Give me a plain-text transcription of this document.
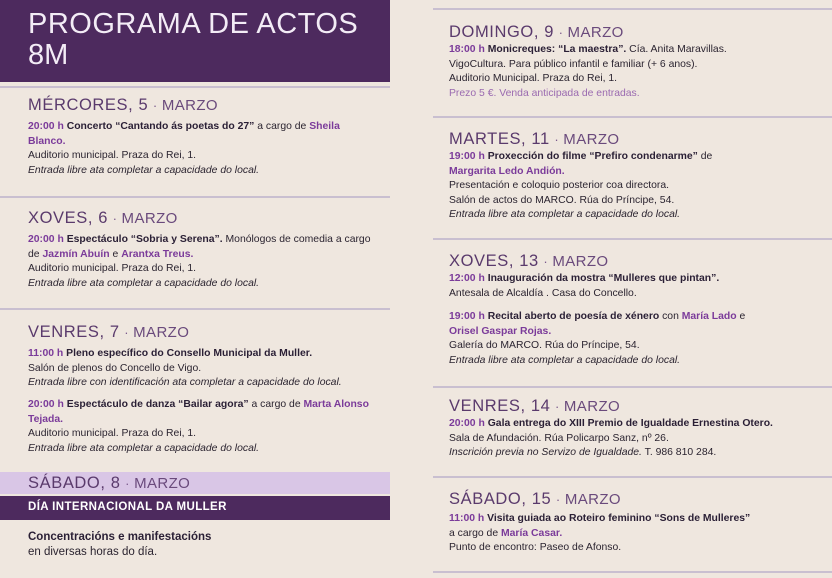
PROGRAMA DE ACTOS
8M
MÉRCORES, 5 · MARZO
20:00 h Concerto “Cantando ás poetas do 27” a cargo de Sheila Blanco.
Auditorio municipal. Praza do Rei, 1.
Entrada libre ata completar a capacidade do local.
XOVES, 6 · MARZO
20:00 h Espectáculo “Sobria y Serena”. Monólogos de comedia a cargo de Jazmín Abuín e Arantxa Treus.
Auditorio municipal. Praza do Rei, 1.
Entrada libre ata completar a capacidade do local.
VENRES, 7 · MARZO
11:00 h Pleno específico do Consello Municipal da Muller.
Salón de plenos do Concello de Vigo.
Entrada libre con identificación ata completar a capacidade do local.
20:00 h Espectáculo de danza “Bailar agora” a cargo de Marta Alonso Tejada.
Auditorio municipal. Praza do Rei, 1.
Entrada libre ata completar a capacidade do local.
SÁBADO, 8 · MARZO
DÍA INTERNACIONAL DA MULLER
Concentracións e manifestacións
en diversas horas do día.
DOMINGO, 9 · MARZO
18:00 h Monicreques: “La maestra”. Cía. Anita Maravillas.
VigoCultura. Para público infantil e familiar (+ 6 anos).
Auditorio Municipal. Praza do Rei, 1.
Prezo 5 €. Venda anticipada de entradas.
MARTES, 11 · MARZO
19:00 h Proxección do filme “Prefiro condenarme” de
Margarita Ledo Andión.
Presentación e coloquio posterior coa directora.
Salón de actos do MARCO. Rúa do Príncipe, 54.
Entrada libre ata completar a capacidade do local.
XOVES, 13 · MARZO
12:00 h Inauguración da mostra “Mulleres que pintan”.
Antesala de Alcaldía . Casa do Concello.
19:00 h Recital aberto de poesía de xénero con María Lado e
Orisel Gaspar Rojas.
Galería do MARCO. Rúa do Príncipe, 54.
Entrada libre ata completar a capacidade do local.
VENRES, 14 · MARZO
20:00 h Gala entrega do XIII Premio de Igualdade Ernestina Otero.
Sala de Afundación. Rúa Policarpo Sanz, nº 26.
Inscrición previa no Servizo de Igualdade. T. 986 810 284.
SÁBADO, 15 · MARZO
11:00 h Visita guiada ao Roteiro feminino “Sons de Mulleres”
a cargo de María Casar.
Punto de encontro: Paseo de Afonso.
